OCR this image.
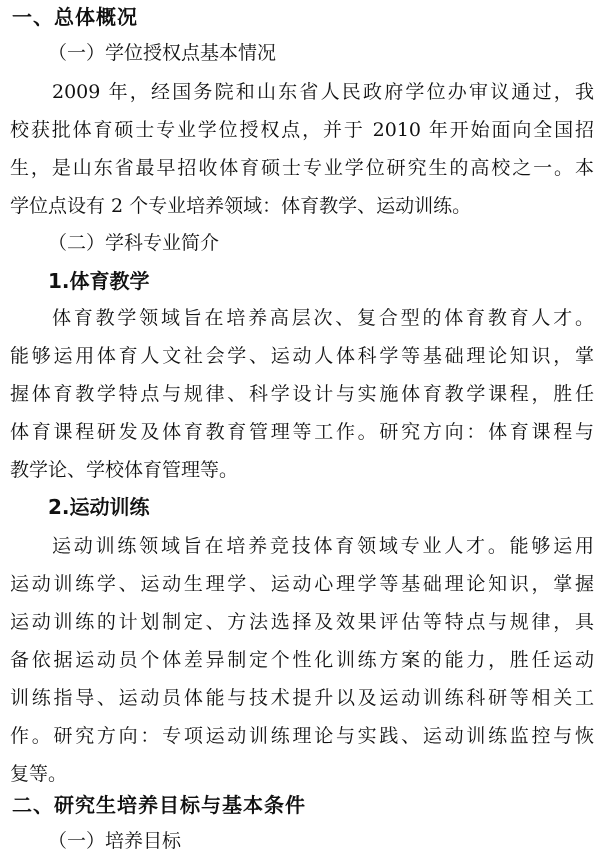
一、总体概况
（一）学位授权点基本情况
2009 年，经国务院和山东省人民政府学位办审议通过，我
校获批体育硕士专业学位授权点，并于 2010 年开始面向全国招
生，是山东省最早招收体育硕士专业学位研究生的高校之一。本
学位点设有 2 个专业培养领域：体育教学、运动训练。
（二）学科专业简介
1.体育教学
体育教学领域旨在培养高层次、复合型的体育教育人才。
能够运用体育人文社会学、运动人体科学等基础理论知识，掌
握体育教学特点与规律、科学设计与实施体育教学课程，胜任
体育课程研发及体育教育管理等工作。研究方向：体育课程与
教学论、学校体育管理等。
2.运动训练
运动训练领域旨在培养竞技体育领域专业人才。能够运用
运动训练学、运动生理学、运动心理学等基础理论知识，掌握
运动训练的计划制定、方法选择及效果评估等特点与规律，具
备依据运动员个体差异制定个性化训练方案的能力，胜任运动
训练指导、运动员体能与技术提升以及运动训练科研等相关工
作。研究方向：专项运动训练理论与实践、运动训练监控与恢
复等。
二、研究生培养目标与基本条件
（一）培养目标
